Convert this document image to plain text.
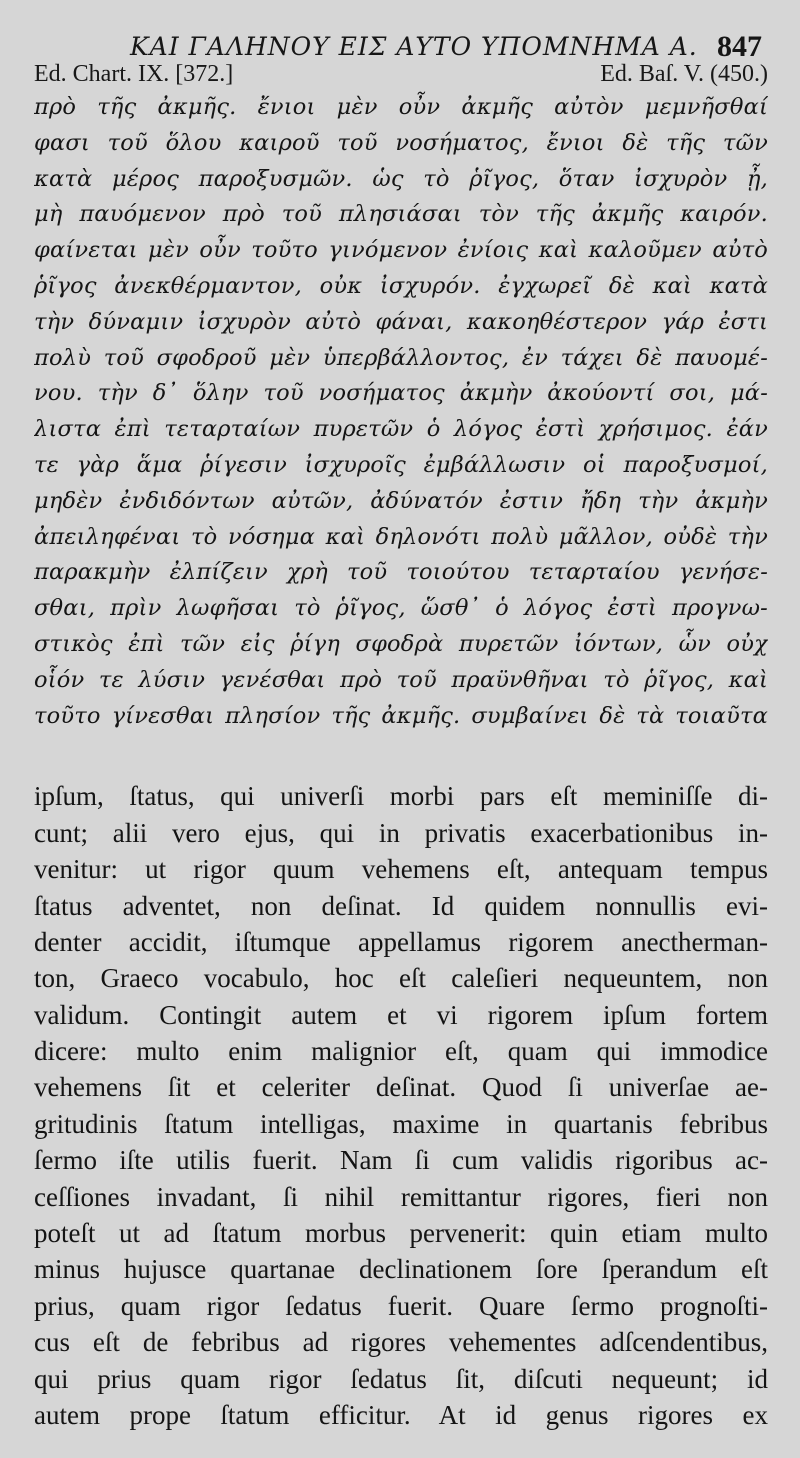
ΚΑΙ ΓΑΛΗΝΟΥ ΕΙΣ ΑΥΤΟ ΥΠΟΜΝΗΜΑ Α. 847
Ed. Chart. IX. [372.]	Ed. Baſ. V. (450.)
πρὸ τῆς ἀκμῆς. ἔνιοι μὲν οὖν ἀκμῆς αὐτὸν μεμνῆσθαί
φασι τοῦ ὅλου καιροῦ τοῦ νοσήματος, ἔνιοι δὲ τῆς τῶν
κατὰ μέρος παροξυσμῶν. ὡς τὸ ῥῖγος, ὅταν ἰσχυρὸν ᾖ,
μὴ παυόμενον πρὸ τοῦ πλησιάσαι τὸν τῆς ἀκμῆς καιρόν.
φαίνεται μὲν οὖν τοῦτο γινόμενον ἐνίοις καὶ καλοῦμεν αὐτὸ
ῥῖγος ἀνεκθέρμαντον, οὐκ ἰσχυρόν. ἐγχωρεῖ δὲ καὶ κατὰ
τὴν δύναμιν ἰσχυρὸν αὐτὸ φάναι, κακοηθέστερον γάρ ἐστι
πολὺ τοῦ σφοδροῦ μὲν ὑπερβάλλοντος, ἐν τάχει δὲ παυομέ-
νου. τὴν δ᾽ ὅλην τοῦ νοσήματος ἀκμὴν ἀκούοντί σοι, μά-
λιστα ἐπὶ τεταρταίων πυρετῶν ὁ λόγος ἐστὶ χρήσιμος. ἐάν
τε γὰρ ἅμα ῥίγεσιν ἰσχυροῖς ἐμβάλλωσιν οἱ παροξυσμοί,
μηδὲν ἐνδιδόντων αὐτῶν, ἀδύνατόν ἐστιν ἤδη τὴν ἀκμὴν
ἀπειληφέναι τὸ νόσημα καὶ δηλονότι πολὺ μᾶλλον, οὐδὲ τὴν
παρακμὴν ἐλπίζειν χρὴ τοῦ τοιούτου τεταρταίου γενήσε-
σθαι, πρὶν λωφῆσαι τὸ ῥῖγος, ὥσθ᾽ ὁ λόγος ἐστὶ προγνω-
στικὸς ἐπὶ τῶν εἰς ῥίγη σφοδρὰ πυρετῶν ἰόντων, ὧν οὐχ
οἷόν τε λύσιν γενέσθαι πρὸ τοῦ πραϋνθῆναι τὸ ῥῖγος, καὶ
τοῦτο γίνεσθαι πλησίον τῆς ἀκμῆς. συμβαίνει δὲ τὰ τοιαῦτα
ipſum, ſtatus, qui univerſi morbi pars eſt meminiſſe di-
cunt; alii vero ejus, qui in privatis exacerbationibus in-
venitur: ut rigor quum vehemens eſt, antequam tempus
ſtatus adventet, non deſinat. Id quidem nonnullis evi-
denter accidit, iſtumque appellamus rigorem anectherman-
ton, Graeco vocabulo, hoc eſt caleſieri nequeuntem, non
validum. Contingit autem et vi rigorem ipſum fortem
dicere: multo enim malignior eſt, quam qui immodice
vehemens ſit et celeriter deſinat. Quod ſi univerſae ae-
gritudinis ſtatum intelligas, maxime in quartanis febribus
ſermo iſte utilis fuerit. Nam ſi cum validis rigoribus ac-
ceſſiones invadant, ſi nihil remittantur rigores, fieri non
poteſt ut ad ſtatum morbus pervenerit: quin etiam multo
minus hujusce quartanae declinationem ſore ſperandum eſt
prius, quam rigor ſedatus fuerit. Quare ſermo prognoſti-
cus eſt de febribus ad rigores vehementes adſcendentibus,
qui prius quam rigor ſedatus ſit, diſcuti nequeunt; id
autem prope ſtatum efficitur. At id genus rigores ex
